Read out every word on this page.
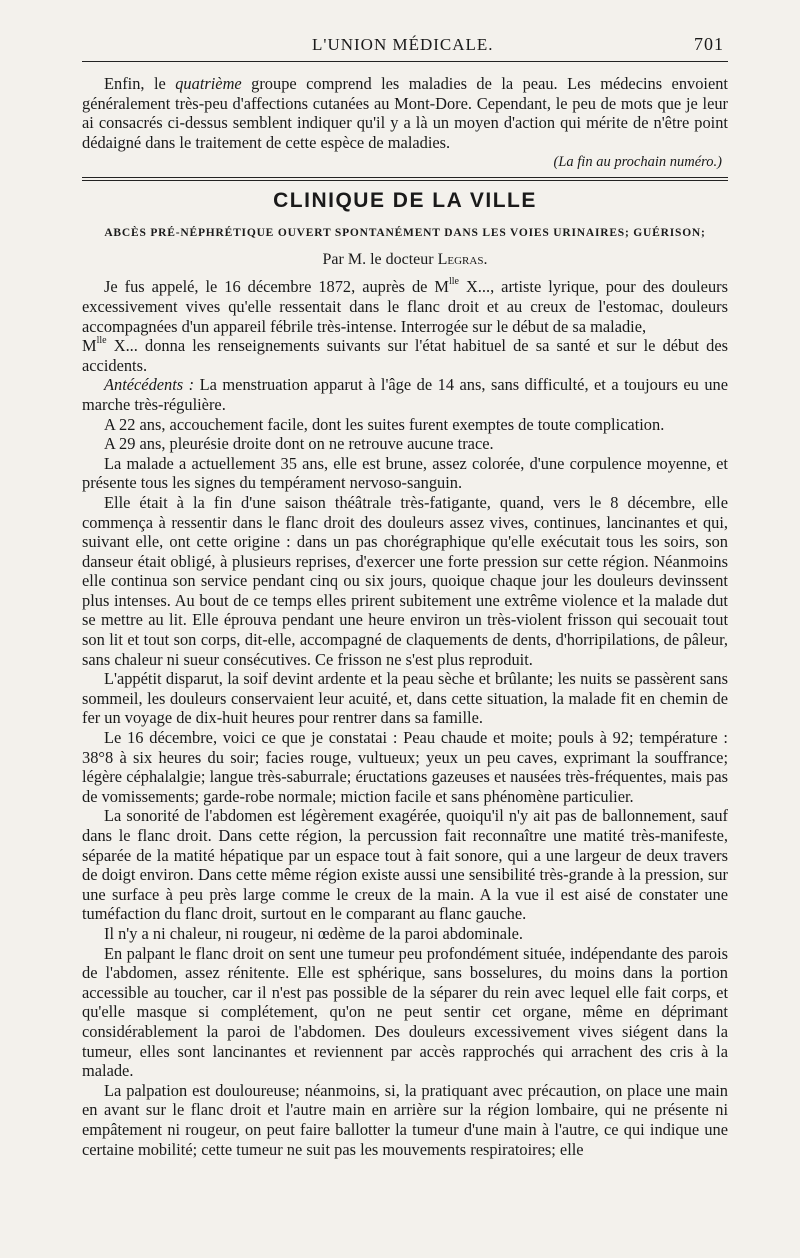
L'UNION MÉDICALE.	701

Enfin, le quatrième groupe comprend les maladies de la peau. Les médecins envoient généralement très-peu d'affections cutanées au Mont-Dore. Cependant, le peu de mots que je leur ai consacrés ci-dessus semblent indiquer qu'il y a là un moyen d'action qui mérite de n'être point dédaigné dans le traitement de cette espèce de maladies.

(La fin au prochain numéro.)
CLINIQUE DE LA VILLE
ABCÈS PRÉ-NÉPHRÉTIQUE OUVERT SPONTANÉMENT DANS LES VOIES URINAIRES; GUÉRISON;
Par M. le docteur Legras.

Je fus appelé, le 16 décembre 1872, auprès de $M^{lle}$ X..., artiste lyrique, pour des douleurs excessivement vives qu'elle ressentait dans le flanc droit et au creux de l'estomac, douleurs accompagnées d'un appareil fébrile très-intense. Interrogée sur le début de sa maladie,

$M^{lle}$ X... donna les renseignements suivants sur l'état habituel de sa santé et sur le début des accidents.

Antécédents : La menstruation apparut à l'âge de 14 ans, sans difficulté, et a toujours eu une marche très-régulière.

A 22 ans, accouchement facile, dont les suites furent exemptes de toute complication.

A 29 ans, pleurésie droite dont on ne retrouve aucune trace.

La malade a actuellement 35 ans, elle est brune, assez colorée, d'une corpulence moyenne, et présente tous les signes du tempérament nervoso-sanguin.

Elle était à la fin d'une saison théâtrale très-fatigante, quand, vers le 8 décembre, elle commença à ressentir dans le flanc droit des douleurs assez vives, continues, lancinantes et qui, suivant elle, ont cette origine : dans un pas chorégraphique qu'elle exécutait tous les soirs, son danseur était obligé, à plusieurs reprises, d'exercer une forte pression sur cette région. Néanmoins elle continua son service pendant cinq ou six jours, quoique chaque jour les douleurs devinssent plus intenses. Au bout de ce temps elles prirent subitement une extrême violence et la malade dut se mettre au lit. Elle éprouva pendant une heure environ un très-violent frisson qui secouait tout son lit et tout son corps, dit-elle, accompagné de claquements de dents, d'horripilations, de pâleur, sans chaleur ni sueur consécutives. Ce frisson ne s'est plus reproduit.

L'appétit disparut, la soif devint ardente et la peau sèche et brûlante; les nuits se passèrent sans sommeil, les douleurs conservaient leur acuité, et, dans cette situation, la malade fit en chemin de fer un voyage de dix-huit heures pour rentrer dans sa famille.

Le 16 décembre, voici ce que je constatai : Peau chaude et moite; pouls à 92; température : 38°8 à six heures du soir; facies rouge, vultueux; yeux un peu caves, exprimant la souffrance; légère céphalalgie; langue très-saburrale; éructations gazeuses et nausées très-fréquentes, mais pas de vomissements; garde-robe normale; miction facile et sans phénomène particulier.

La sonorité de l'abdomen est légèrement exagérée, quoiqu'il n'y ait pas de ballonnement, sauf dans le flanc droit. Dans cette région, la percussion fait reconnaître une matité très-manifeste, séparée de la matité hépatique par un espace tout à fait sonore, qui a une largeur de deux travers de doigt environ. Dans cette même région existe aussi une sensibilité très-grande à la pression, sur une surface à peu près large comme le creux de la main. A la vue il est aisé de constater une tuméfaction du flanc droit, surtout en le comparant au flanc gauche.

Il n'y a ni chaleur, ni rougeur, ni œdème de la paroi abdominale.

En palpant le flanc droit on sent une tumeur peu profondément située, indépendante des parois de l'abdomen, assez rénitente. Elle est sphérique, sans bosselures, du moins dans la portion accessible au toucher, car il n'est pas possible de la séparer du rein avec lequel elle fait corps, et qu'elle masque si complétement, qu'on ne peut sentir cet organe, même en déprimant considérablement la paroi de l'abdomen. Des douleurs excessivement vives siégent dans la tumeur, elles sont lancinantes et reviennent par accès rapprochés qui arrachent des cris à la malade.

La palpation est douloureuse; néanmoins, si, la pratiquant avec précaution, on place une main en avant sur le flanc droit et l'autre main en arrière sur la région lombaire, qui ne présente ni empâtement ni rougeur, on peut faire ballotter la tumeur d'une main à l'autre, ce qui indique une certaine mobilité; cette tumeur ne suit pas les mouvements respiratoires; elle
